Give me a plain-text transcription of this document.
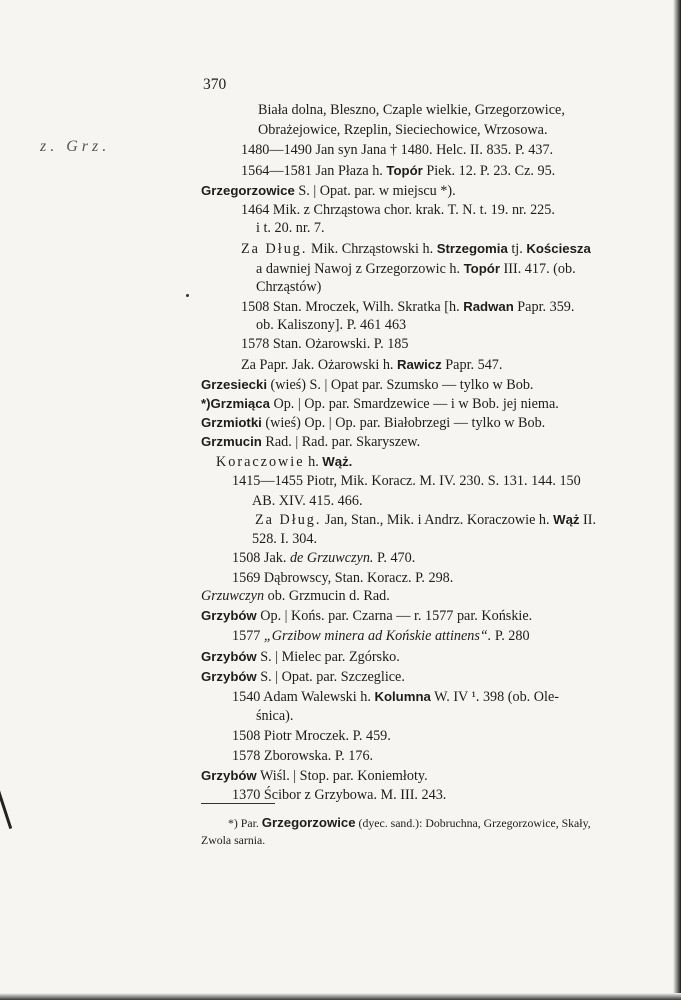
370
z. Grz.
Biała dolna, Bleszno, Czaple wielkie, Grzegorzowice,
Obrażejowice, Rzeplin, Sieciechowice, Wrzosowa.
1480—1490 Jan syn Jana † 1480. Helc. II. 835. P. 437.
1564—1581 Jan Płaza h. Topór Piek. 12. P. 23. Cz. 95.
Grzegorzowice S. | Opat. par. w miejscu *).
1464 Mik. z Chrząstowa chor. krak. T. N. t. 19. nr. 225.
i t. 20. nr. 7.
Za Dług. Mik. Chrząstowski h. Strzegomia tj. Kościesza
a dawniej Nawoj z Grzegorzowic h. Topór III. 417. (ob.
Chrząstów)
1508 Stan. Mroczek, Wilh. Skratka [h. Radwan Papr. 359.
ob. Kaliszony]. P. 461 463
1578 Stan. Ożarowski. P. 185
Za Papr. Jak. Ożarowski h. Rawicz Papr. 547.
Grzesiecki (wieś) S. | Opat par. Szumsko — tylko w Bob.
*)Grzmiąca Op. | Op. par. Smardzewice — i w Bob. jej niema.
Grzmiotki (wieś) Op. | Op. par. Białobrzegi — tylko w Bob.
Grzmucin Rad. | Rad. par. Skaryszew.
Koraczowie h. Wąż.
1415—1455 Piotr, Mik. Koracz. M. IV. 230. S. 131. 144. 150
AB. XIV. 415. 466.
Za Dług. Jan, Stan., Mik. i Andrz. Koraczowie h. Wąż II.
528. I. 304.
1508 Jak. de Grzuwczyn. P. 470.
1569 Dąbrowscy, Stan. Koracz. P. 298.
Grzuwczyn ob. Grzmucin d. Rad.
Grzybów Op. | Końs. par. Czarna — r. 1577 par. Końskie.
1577 „Grzibow minera ad Końskie attinens“. P. 280
Grzybów S. | Mielec par. Zgórsko.
Grzybów S. | Opat. par. Szczeglice.
1540 Adam Walewski h. Kolumna W. IV ¹. 398 (ob. Ole-
śnica).
1508 Piotr Mroczek. P. 459.
1578 Zborowska. P. 176.
Grzybów Wiśl. | Stop. par. Koniemłoty.
1370 Ścibor z Grzybowa. M. III. 243.
*) Par. Grzegorzowice (dyec. sand.): Dobruchna, Grzegorzowice, Skały,
Zwola sarnia.
